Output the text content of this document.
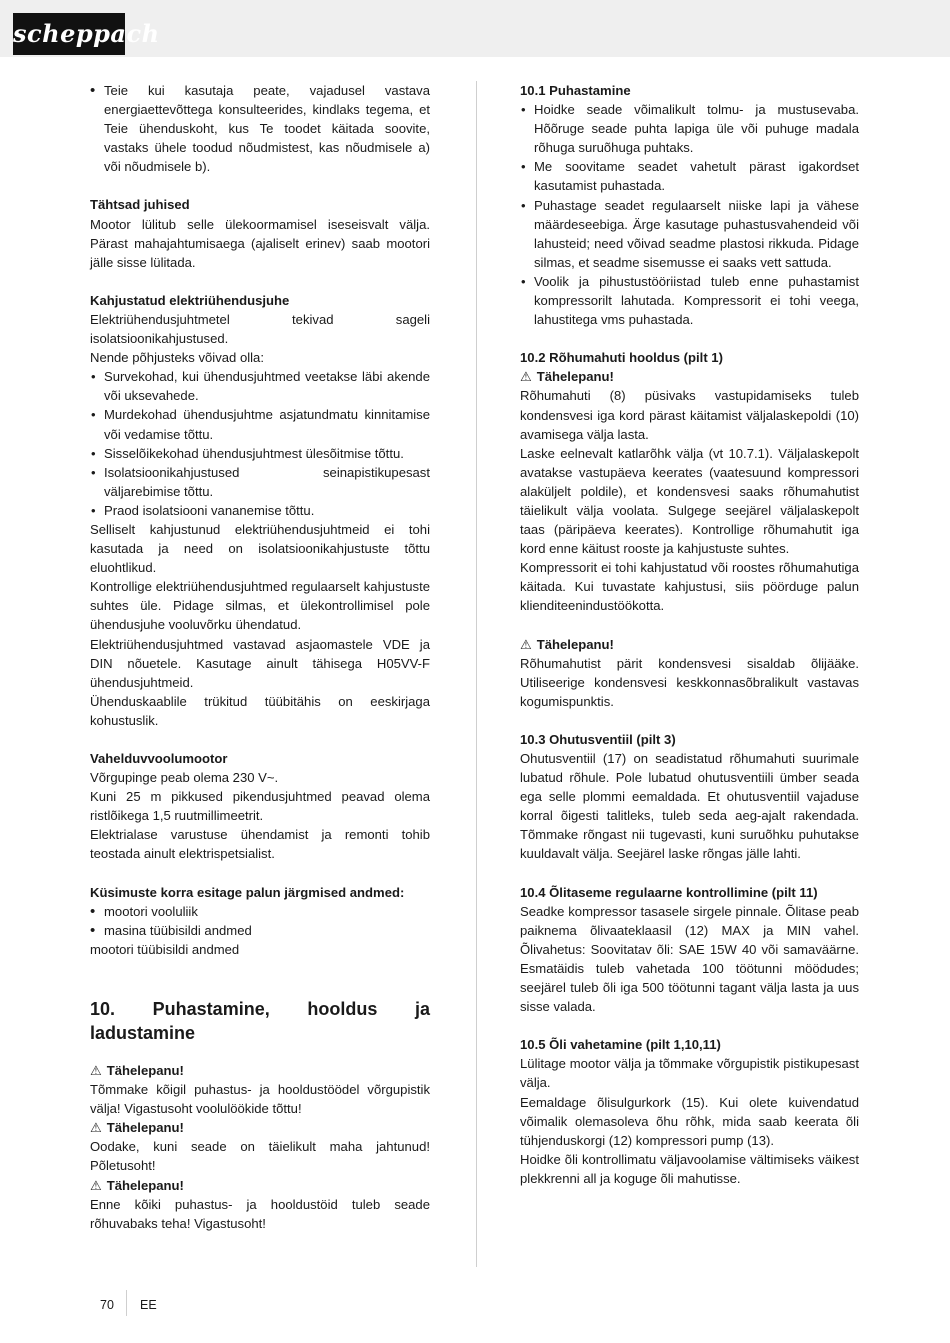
scheppach
• Teie kui kasutaja peate, vajadusel vastava energiaettevõttega konsulteerides, kindlaks tegema, et Teie ühenduskoht, kus Te toodet käitada soovite, vastaks ühele toodud nõudmistest, kas nõudmisele a) või nõudmisele b).

Tähtsad juhised

Mootor lülitub selle ülekoormamisel iseseisvalt välja. Pärast mahajahtumisaega (ajaliselt erinev) saab mootori jälle sisse lülitada.

Kahjustatud elektriühendusjuhe

Elektriühendusjuhtmetel tekivad sageli isolatsioonikahjustused.

Nende põhjusteks võivad olla:

• Survekohad, kui ühendusjuhtmed veetakse läbi akende või uksevahede.
• Murdekohad ühendusjuhtme asjatundmatu kinnitamise või vedamise tõttu.
• Sisselõikekohad ühendusjuhtmest ülesõitmise tõttu.
• Isolatsioonikahjustused seinapistikupesast väljarebimise tõttu.
• Praod isolatsiooni vananemise tõttu.

Selliselt kahjustunud elektriühendusjuhtmeid ei tohi kasutada ja need on isolatsioonikahjustuste tõttu eluohtlikud.

Kontrollige elektriühendusjuhtmed regulaarselt kahjustuste suhtes üle. Pidage silmas, et ülekontrollimisel pole ühendusjuhe vooluvõrku ühendatud.

Elektriühendusjuhtmed vastavad asjaomastele VDE ja DIN nõuetele. Kasutage ainult tähisega H05VV-F ühendusjuhtmeid.

Ühenduskaablile trükitud tüübitähis on eeskirjaga kohustuslik.

Vahelduvvoolumootor

Võrgupinge peab olema 230 V~.

Kuni 25 m pikkused pikendusjuhtmed peavad olema ristlõikega 1,5 ruutmillimeetrit.

Elektrialase varustuse ühendamist ja remonti tohib teostada ainult elektrispetsialist.

Küsimuste korra esitage palun järgmised andmed:

• mootori vooluliik
• masina tüübisildi andmed

mootori tüübisildi andmed

10. Puhastamine, hooldus ja ladustamine

⚠ Tähelepanu!

Tõmmake kõigil puhastus- ja hooldustöödel võrgupistik välja! Vigastusoht voolulöökide tõttu!

⚠ Tähelepanu!

Oodake, kuni seade on täielikult maha jahtunud! Põletusoht!

⚠ Tähelepanu!

Enne kõiki puhastus- ja hooldustöid tuleb seade rõhuvabaks teha! Vigastusoht!

10.1 Puhastamine

• Hoidke seade võimalikult tolmu- ja mustusevaba. Hõõruge seade puhta lapiga üle või puhuge madala rõhuga suruõhuga puhtaks.
• Me soovitame seadet vahetult pärast igakordset kasutamist puhastada.
• Puhastage seadet regulaarselt niiske lapi ja vähese määrdeseebiga. Ärge kasutage puhastusvahendeid või lahusteid; need võivad seadme plastosi rikkuda. Pidage silmas, et seadme sisemusse ei saaks vett sattuda.
• Voolik ja pihustustööriistad tuleb enne puhastamist kompressorilt lahutada. Kompressorit ei tohi veega, lahustitega vms puhastada.

10.2 Rõhumahuti hooldus (pilt 1)

⚠ Tähelepanu!

Rõhumahuti (8) püsivaks vastupidamiseks tuleb kondensvesi iga kord pärast käitamist väljalaskepoldi (10) avamisega välja lasta.

Laske eelnevalt katlarõhk välja (vt 10.7.1). Väljalaskepolt avatakse vastupäeva keerates (vaatesuund kompressori alaküljelt poldile), et kondensvesi saaks rõhumahutist täielikult välja voolata. Sulgege seejärel väljalaskepolt taas (päripäeva keerates). Kontrollige rõhumahutit iga kord enne käitust rooste ja kahjustuste suhtes.

Kompressorit ei tohi kahjustatud või roostes rõhumahutiga käitada. Kui tuvastate kahjustusi, siis pöörduge palun klienditeenindustöökotta.

⚠ Tähelepanu!

Rõhumahutist pärit kondensvesi sisaldab õlijääke. Utiliseerige kondensvesi keskkonnasõbralikult vastavas kogumispunktis.

10.3 Ohutusventiil (pilt 3)

Ohutusventiil (17) on seadistatud rõhumahuti suurimale lubatud rõhule. Pole lubatud ohutusventiili ümber seada ega selle plommi eemaldada. Et ohutusventiil vajaduse korral õigesti talitleks, tuleb seda aeg-ajalt rakendada. Tõmmake rõngast nii tugevasti, kuni suruõhku puhutakse kuuldavalt välja. Seejärel laske rõngas jälle lahti.

10.4 Õlitaseme regulaarne kontrollimine (pilt 11)

Seadke kompressor tasasele sirgele pinnale. Õlitase peab paiknema õlivaateklaasil (12) MAX ja MIN vahel. Õlivahetus: Soovitatav õli: SAE 15W 40 või samaväärne. Esmatäidis tuleb vahetada 100 töötunni möödudes; seejärel tuleb õli iga 500 töötunni tagant välja lasta ja uus sisse valada.

10.5 Õli vahetamine (pilt 1,10,11)

Lülitage mootor välja ja tõmmake võrgupistik pistikupesast välja.

Eemaldage õlisulgurkork (15). Kui olete kuivendatud võimalik olemasoleva õhu rõhk, mida saab keerata õli tühjenduskorgi (12) kompressori pump (13).

Hoidke õli kontrollimatu väljavoolamise vältimiseks väikest plekkrenni all ja koguge õli mahutisse.

70 EE
